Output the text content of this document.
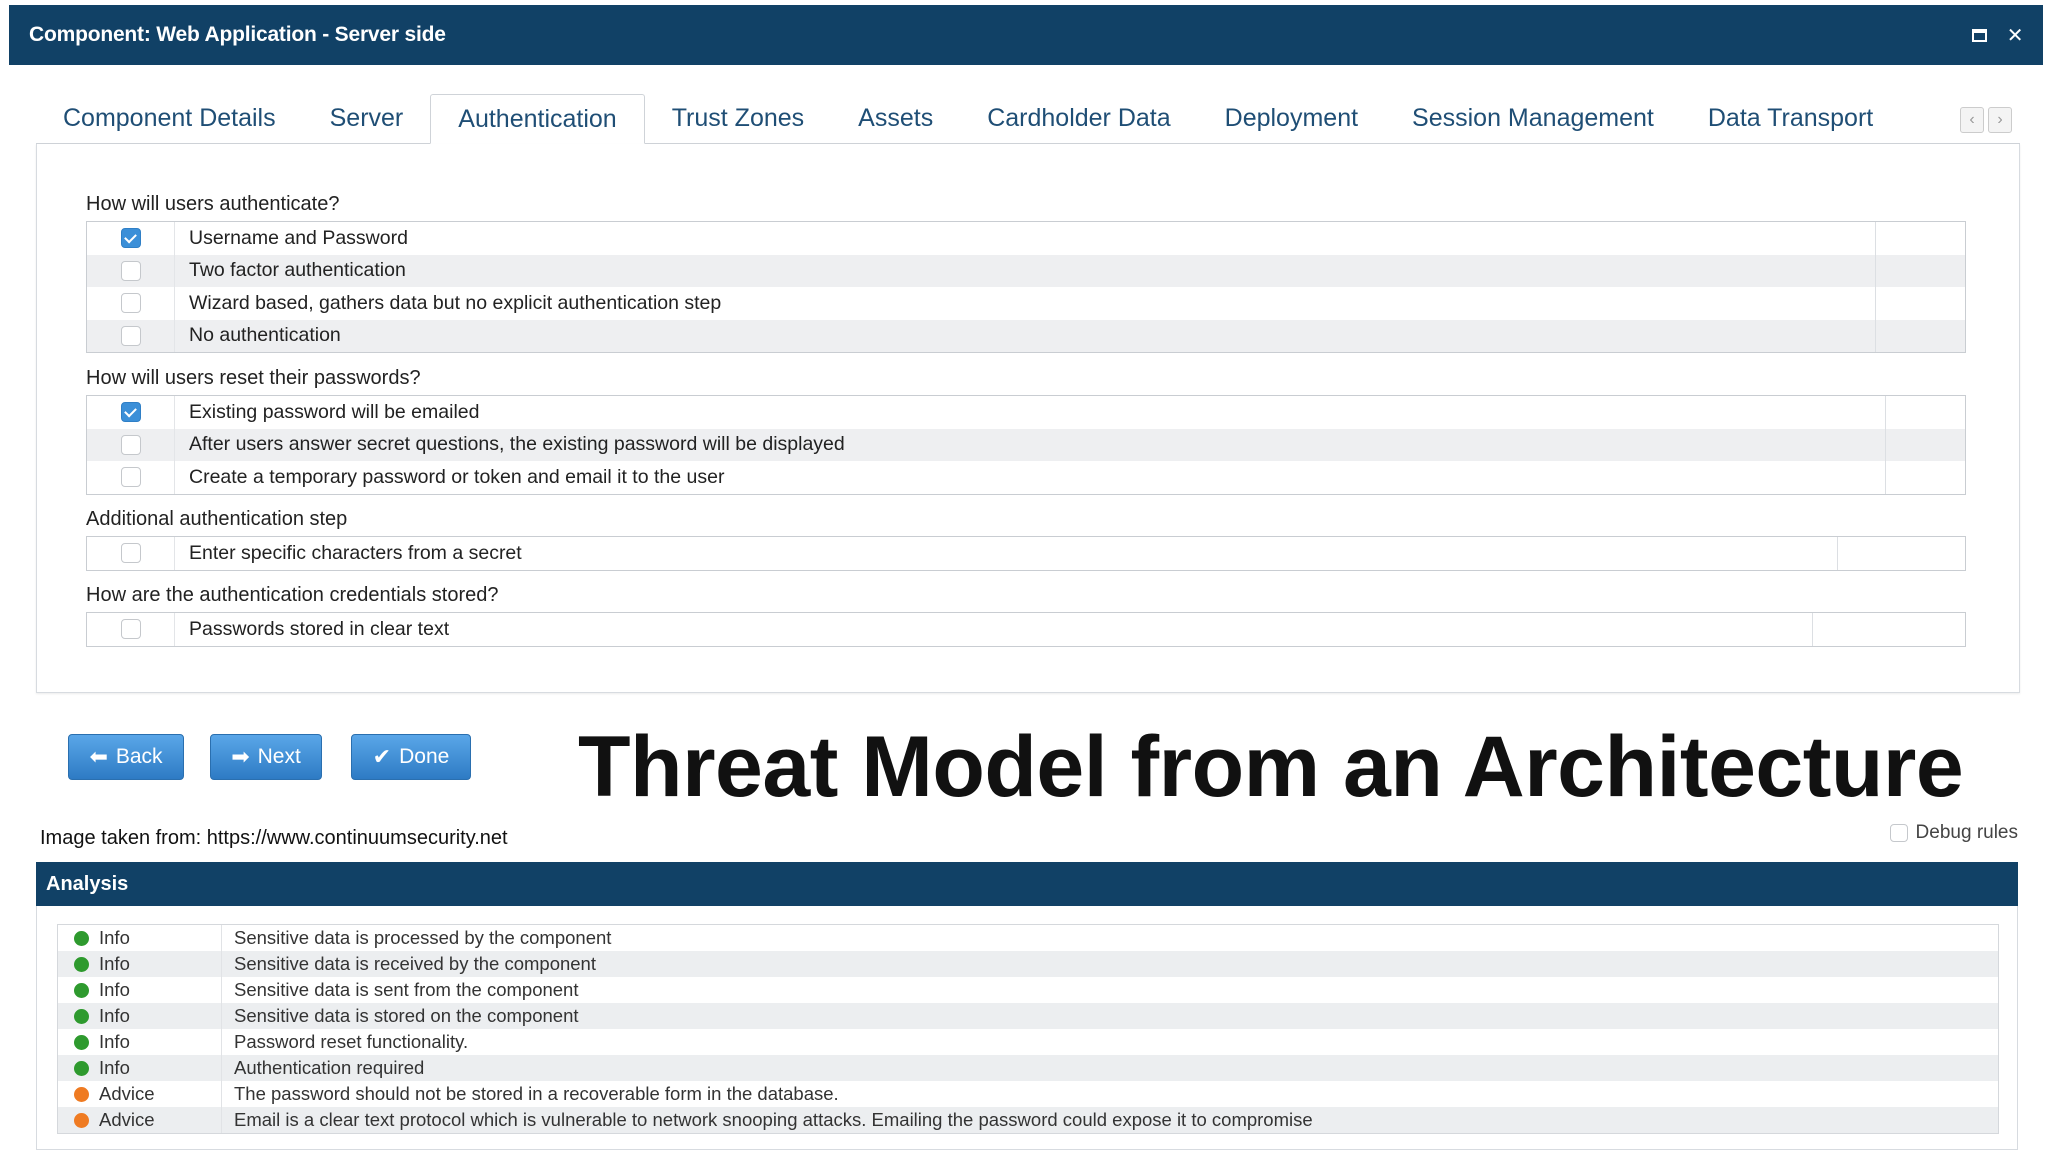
Component: Web Application - Server side	✕
Component Details	Server	Authentication	Trust Zones	Assets	Cardholder Data	Deployment	Session Management	Data Transport	‹	›
How will users authenticate?
Username and Password
Two factor authentication
Wizard based, gathers data but no explicit authentication step
No authentication
How will users reset their passwords?
Existing password will be emailed
After users answer secret questions, the existing password will be displayed
Create a temporary password or token and email it to the user
Additional authentication step
Enter specific characters from a secret
How are the authentication credentials stored?
Passwords stored in clear text
⬅ Back	➡ Next	✔ Done Threat Model from an Architecture
Image taken from: https://www.continuumsecurity.net	Debug rules
Analysis
Info	Sensitive data is processed by the component
Info	Sensitive data is received by the component
Info	Sensitive data is sent from the component
Info	Sensitive data is stored on the component
Info	Password reset functionality.
Info	Authentication required
Advice	The password should not be stored in a recoverable form in the database.
Advice	Email is a clear text protocol which is vulnerable to network snooping attacks. Emailing the password could expose it to compromise
